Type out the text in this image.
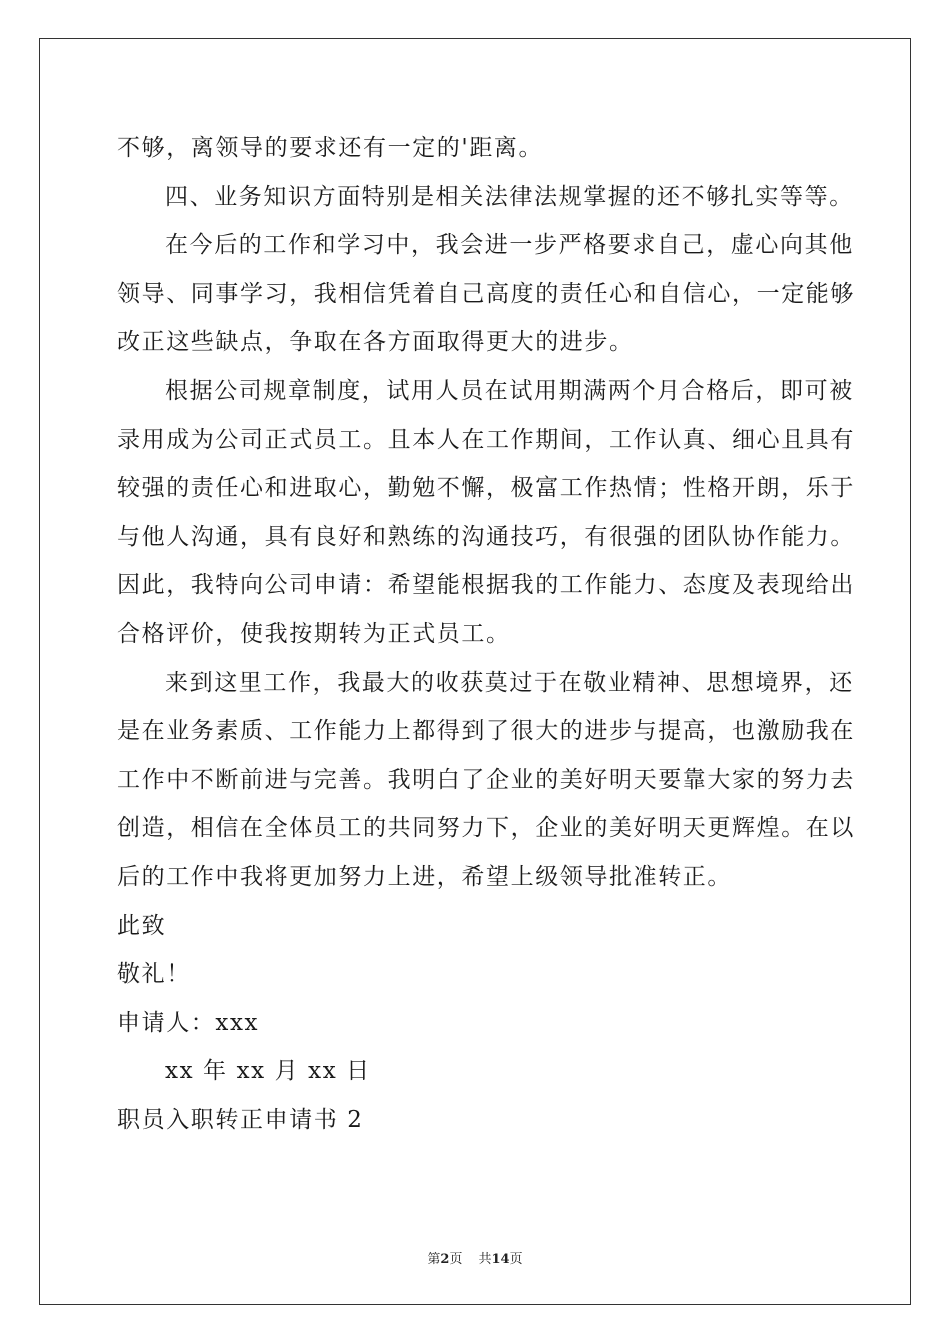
不够，离领导的要求还有一定的'距离。
四、业务知识方面特别是相关法律法规掌握的还不够扎实等等。
在今后的工作和学习中，我会进一步严格要求自己，虚心向其他
领导、同事学习，我相信凭着自己高度的责任心和自信心，一定能够
改正这些缺点，争取在各方面取得更大的进步。
根据公司规章制度，试用人员在试用期满两个月合格后，即可被
录用成为公司正式员工。且本人在工作期间，工作认真、细心且具有
较强的责任心和进取心，勤勉不懈，极富工作热情；性格开朗，乐于
与他人沟通，具有良好和熟练的沟通技巧，有很强的团队协作能力。
因此，我特向公司申请：希望能根据我的工作能力、态度及表现给出
合格评价，使我按期转为正式员工。
来到这里工作，我最大的收获莫过于在敬业精神、思想境界，还
是在业务素质、工作能力上都得到了很大的进步与提高，也激励我在
工作中不断前进与完善。我明白了企业的美好明天要靠大家的努力去
创造，相信在全体员工的共同努力下，企业的美好明天更辉煌。在以
后的工作中我将更加努力上进，希望上级领导批准转正。
此致
敬礼！
申请人：xxx
xx 年 xx 月 xx 日
职员入职转正申请书 2
第2页 共14页
